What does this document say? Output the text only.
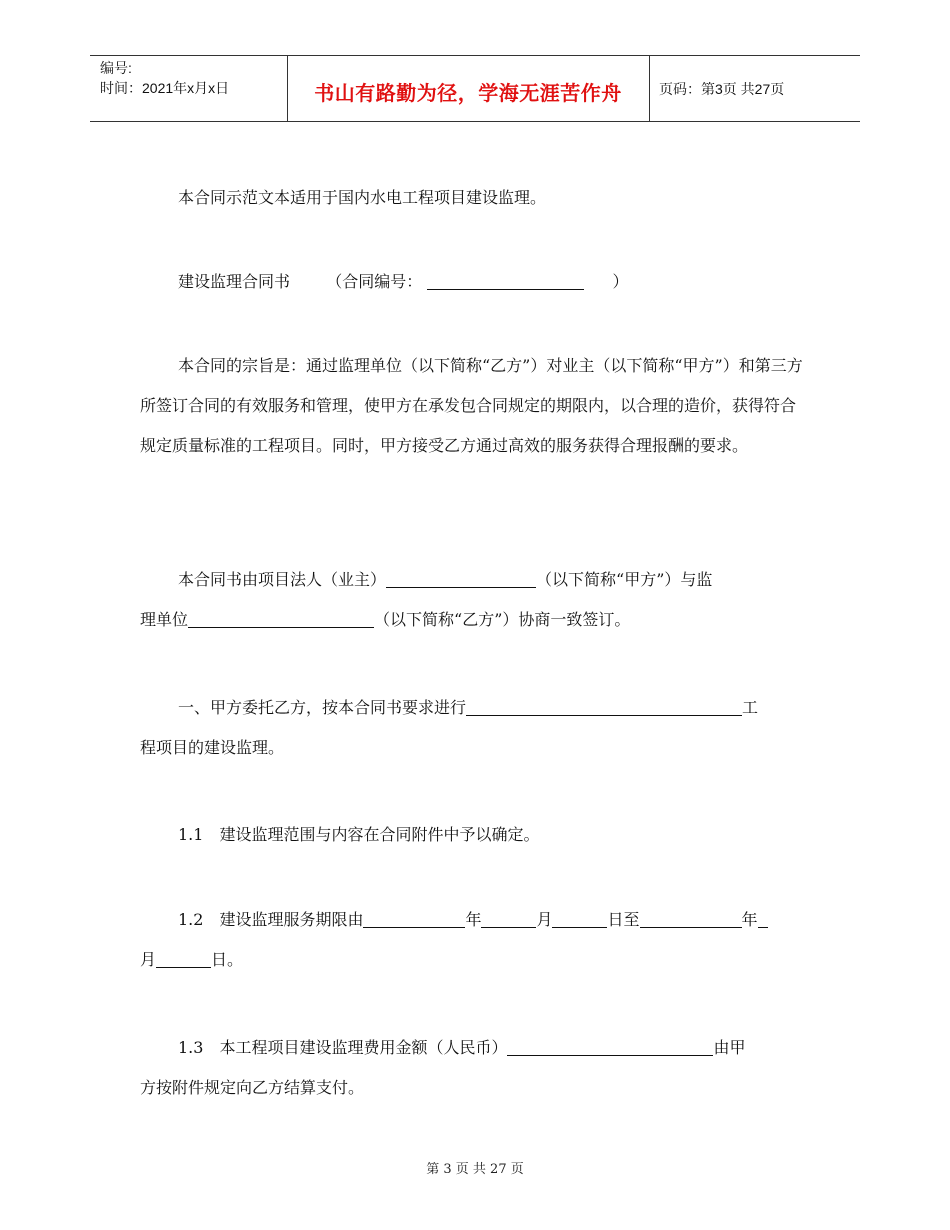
编号:
时间：2021年x月x日	书山有路勤为径，学海无涯苦作舟	页码：第3页 共27页

本合同示范文本适用于国内水电工程项目建设监理。

建设监理合同书 （合同编号：	）

本合同的宗旨是：通过监理单位（以下简称“乙方”）对业主（以下简称“甲方”）和第三方所签订合同的有效服务和管理，使甲方在承发包合同规定的期限内，以合理的造价，获得符合规定质量标准的工程项目。同时，甲方接受乙方通过高效的服务获得合理报酬的要求。

本合同书由项目法人（业主）	（以下简称“甲方”）与监
理单位	（以下简称“乙方”）协商一致签订。

一、甲方委托乙方，按本合同书要求进行	工
程项目的建设监理。

1.1　建设监理范围与内容在合同附件中予以确定。

1.2　建设监理服务期限由	年	月	日至	年
月	日。

1.3　本工程项目建设监理费用金额（人民币）	由甲
方按附件规定向乙方结算支付。

第 3 页 共 27 页
